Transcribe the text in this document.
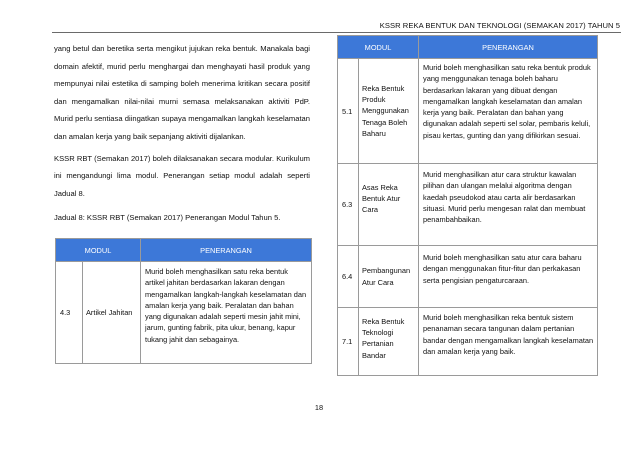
KSSR REKA BENTUK DAN TEKNOLOGI (SEMAKAN 2017) TAHUN 5

yang betul dan beretika serta mengikut jujukan reka bentuk. Manakala bagi domain afektif, murid perlu menghargai dan menghayati hasil produk yang mempunyai nilai estetika di samping boleh menerima kritikan secara positif dan mengamalkan nilai-nilai murni semasa melaksanakan aktiviti PdP. Murid perlu sentiasa diingatkan supaya mengamalkan langkah keselamatan dan amalan kerja yang baik sepanjang aktiviti dijalankan.

KSSR RBT (Semakan 2017) boleh dilaksanakan secara modular. Kurikulum ini mengandungi lima modul. Penerangan setiap modul adalah seperti Jadual 8.

Jadual 8: KSSR RBT (Semakan 2017) Penerangan Modul Tahun 5.
MODUL		PENERANGAN
4.3	Artikel Jahitan	Murid boleh menghasilkan satu reka bentuk artikel jahitan berdasarkan lakaran dengan mengamalkan langkah-langkah keselamatan dan amalan kerja yang baik. Peralatan dan bahan yang digunakan adalah seperti mesin jahit mini, jarum, gunting fabrik, pita ukur, benang, kapur tukang jahit dan sebagainya.
MODUL		PENERANGAN
5.1	Reka Bentuk Produk Menggunakan Tenaga Boleh Baharu	Murid boleh menghasilkan satu reka bentuk produk yang menggunakan tenaga boleh baharu berdasarkan lakaran yang dibuat dengan mengamalkan langkah keselamatan dan amalan kerja yang baik. Peralatan dan bahan yang digunakan adalah seperti sel solar, pembaris keluli, pisau kertas, gunting dan yang difikirkan sesuai.
6.3	Asas Reka Bentuk Atur Cara	Murid menghasilkan atur cara struktur kawalan pilihan dan ulangan melalui algoritma dengan kaedah pseudokod atau carta alir berdasarkan situasi. Murid perlu mengesan ralat dan membuat penambahbaikan.
6.4	Pembangunan Atur Cara	Murid boleh menghasilkan satu atur cara baharu dengan menggunakan fitur-fitur dan perkakasan serta pengisian pengaturcaraan.
7.1	Reka Bentuk Teknologi Pertanian Bandar	Murid boleh menghasilkan reka bentuk sistem penanaman secara tangunan dalam pertanian bandar dengan mengamalkan langkah keselamatan dan amalan kerja yang baik.
18
